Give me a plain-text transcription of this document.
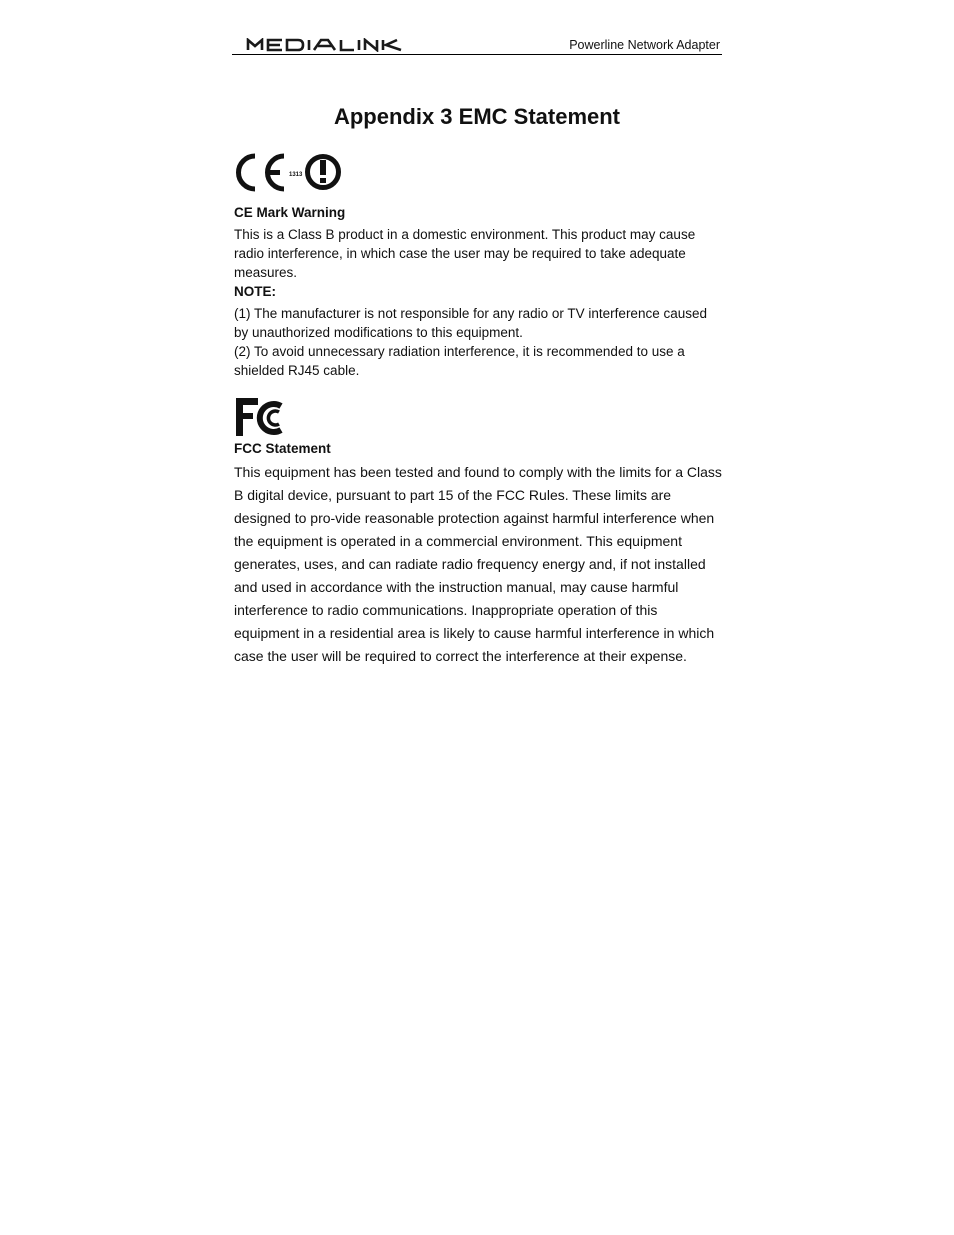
Powerline Network Adapter
Appendix 3 EMC Statement
1313
CE Mark Warning

This is a Class B product in a domestic environment. This product may cause radio interference, in which case the user may be required to take adequate measures.

NOTE:

(1) The manufacturer is not responsible for any radio or TV interference caused by unauthorized modifications to this equipment.

(2) To avoid unnecessary radiation interference, it is recommended to use a shielded RJ45 cable.

FCC Statement

This equipment has been tested and found to comply with the limits for a Class B digital device, pursuant to part 15 of the FCC Rules. These limits are designed to pro-vide reasonable protection against harmful interference when the equipment is operated in a commercial environment. This equipment generates, uses, and can radiate radio frequency energy and, if not installed and used in accordance with the instruction manual, may cause harmful interference to radio communications. Inappropriate operation of this equipment in a residential area is likely to cause harmful interference in which case the user will be required to correct the interference at their expense.
